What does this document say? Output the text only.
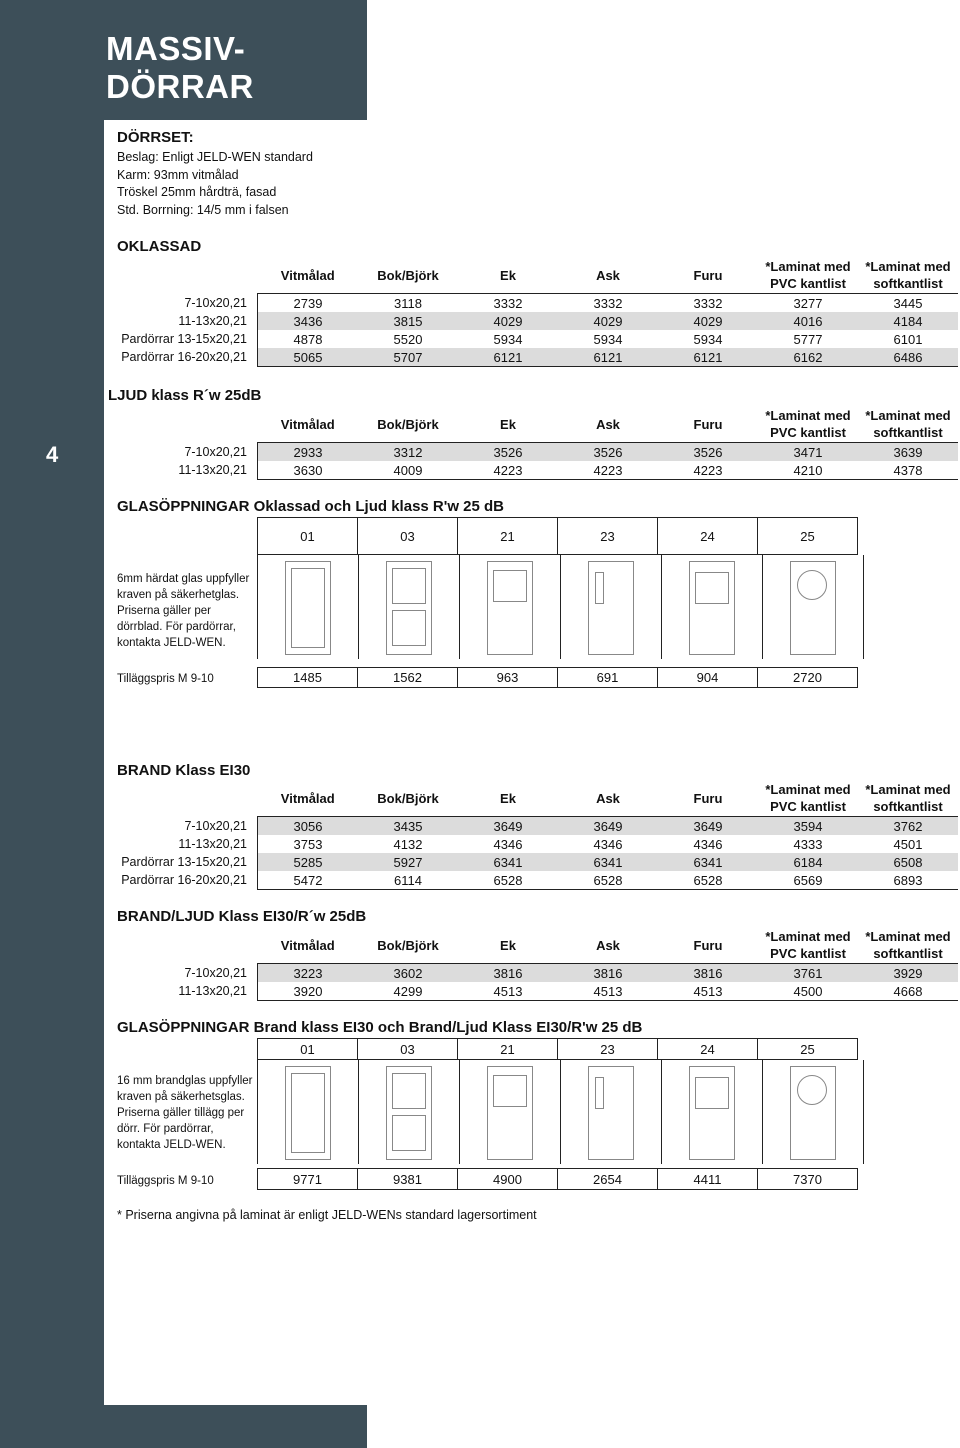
MASSIV-
DÖRRAR
4
DÖRRSET:
Beslag: Enligt JELD-WEN standard
Karm: 93mm vitmålad
Tröskel 25mm hårdträ, fasad
Std. Borrning: 14/5 mm i falsen
OKLASSAD
	Vitmålad	Bok/Björk	Ek	Ask	Furu	*Laminat med PVC kantlist	*Laminat med softkantlist
7-10x20,21	2739	3118	3332	3332	3332	3277	3445
11-13x20,21	3436	3815	4029	4029	4029	4016	4184
Pardörrar 13-15x20,21	4878	5520	5934	5934	5934	5777	6101
Pardörrar 16-20x20,21	5065	5707	6121	6121	6121	6162	6486
LJUD klass R´w 25dB
	Vitmålad	Bok/Björk	Ek	Ask	Furu	*Laminat med PVC kantlist	*Laminat med softkantlist
7-10x20,21	2933	3312	3526	3526	3526	3471	3639
11-13x20,21	3630	4009	4223	4223	4223	4210	4378
GLASÖPPNINGAR Oklassad och Ljud klass R'w 25 dB
01	03	21	23	24	25
6mm härdat glas uppfyller
kraven på säkerhetglas.
Priserna gäller per
dörrblad. För pardörrar,
kontakta JELD-WEN.
Tilläggspris M 9-10	1485	1562	963	691	904	2720
BRAND Klass EI30
	Vitmålad	Bok/Björk	Ek	Ask	Furu	*Laminat med PVC kantlist	*Laminat med softkantlist
7-10x20,21	3056	3435	3649	3649	3649	3594	3762
11-13x20,21	3753	4132	4346	4346	4346	4333	4501
Pardörrar 13-15x20,21	5285	5927	6341	6341	6341	6184	6508
Pardörrar 16-20x20,21	5472	6114	6528	6528	6528	6569	6893
BRAND/LJUD Klass EI30/R´w 25dB
	Vitmålad	Bok/Björk	Ek	Ask	Furu	*Laminat med PVC kantlist	*Laminat med softkantlist
7-10x20,21	3223	3602	3816	3816	3816	3761	3929
11-13x20,21	3920	4299	4513	4513	4513	4500	4668
GLASÖPPNINGAR Brand klass EI30 och Brand/Ljud Klass EI30/R'w 25 dB
01	03	21	23	24	25
16 mm brandglas uppfyller
kraven på säkerhetsglas.
Priserna gäller tillägg per
dörr. För pardörrar,
kontakta JELD-WEN.
Tilläggspris M 9-10	9771	9381	4900	2654	4411	7370
* Priserna angivna på laminat är enligt JELD-WENs standard lagersortiment
